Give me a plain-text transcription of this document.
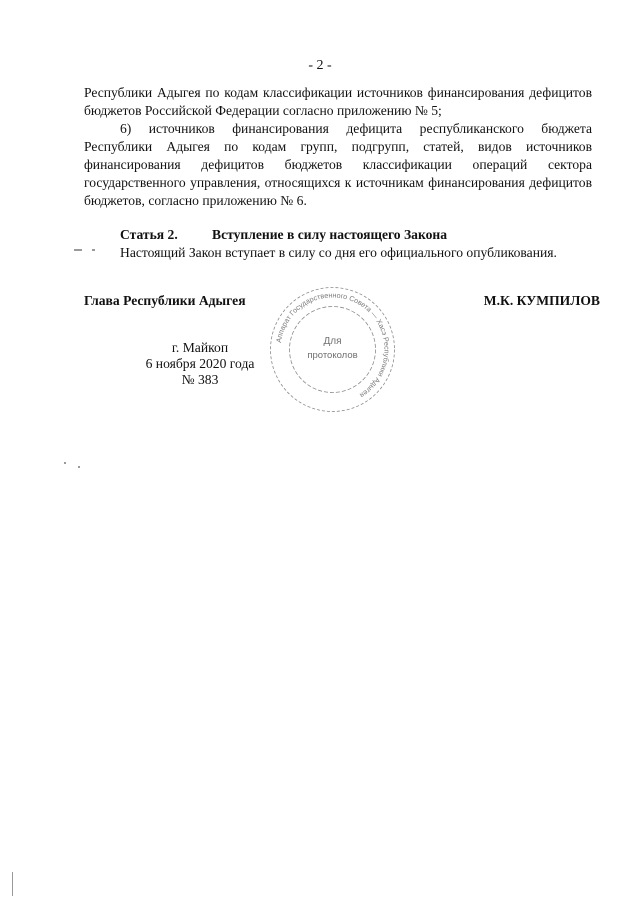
- 2 -

Республики Адыгея по кодам классификации источников финансирования дефицитов бюджетов Российской Федерации согласно приложению № 5;

6) источников финансирования дефицита республиканского бюджета Республики Адыгея по кодам групп, подгрупп, статей, видов источников финансирования дефицитов бюджетов классификации операций сектора государственного управления, относящихся к источникам финансирования дефицитов бюджетов, согласно приложению № 6.

Статья 2.	Вступление в силу настоящего Закона
Настоящий Закон вступает в силу со дня его официального опубликования.
Глава Республики Адыгея	М.К. КУМПИЛОВ
г. Майкоп
6 ноября 2020 года
№ 383
Аппарат Государственного Совета — Хасэ Республики Адыгея
Для
протоколов
